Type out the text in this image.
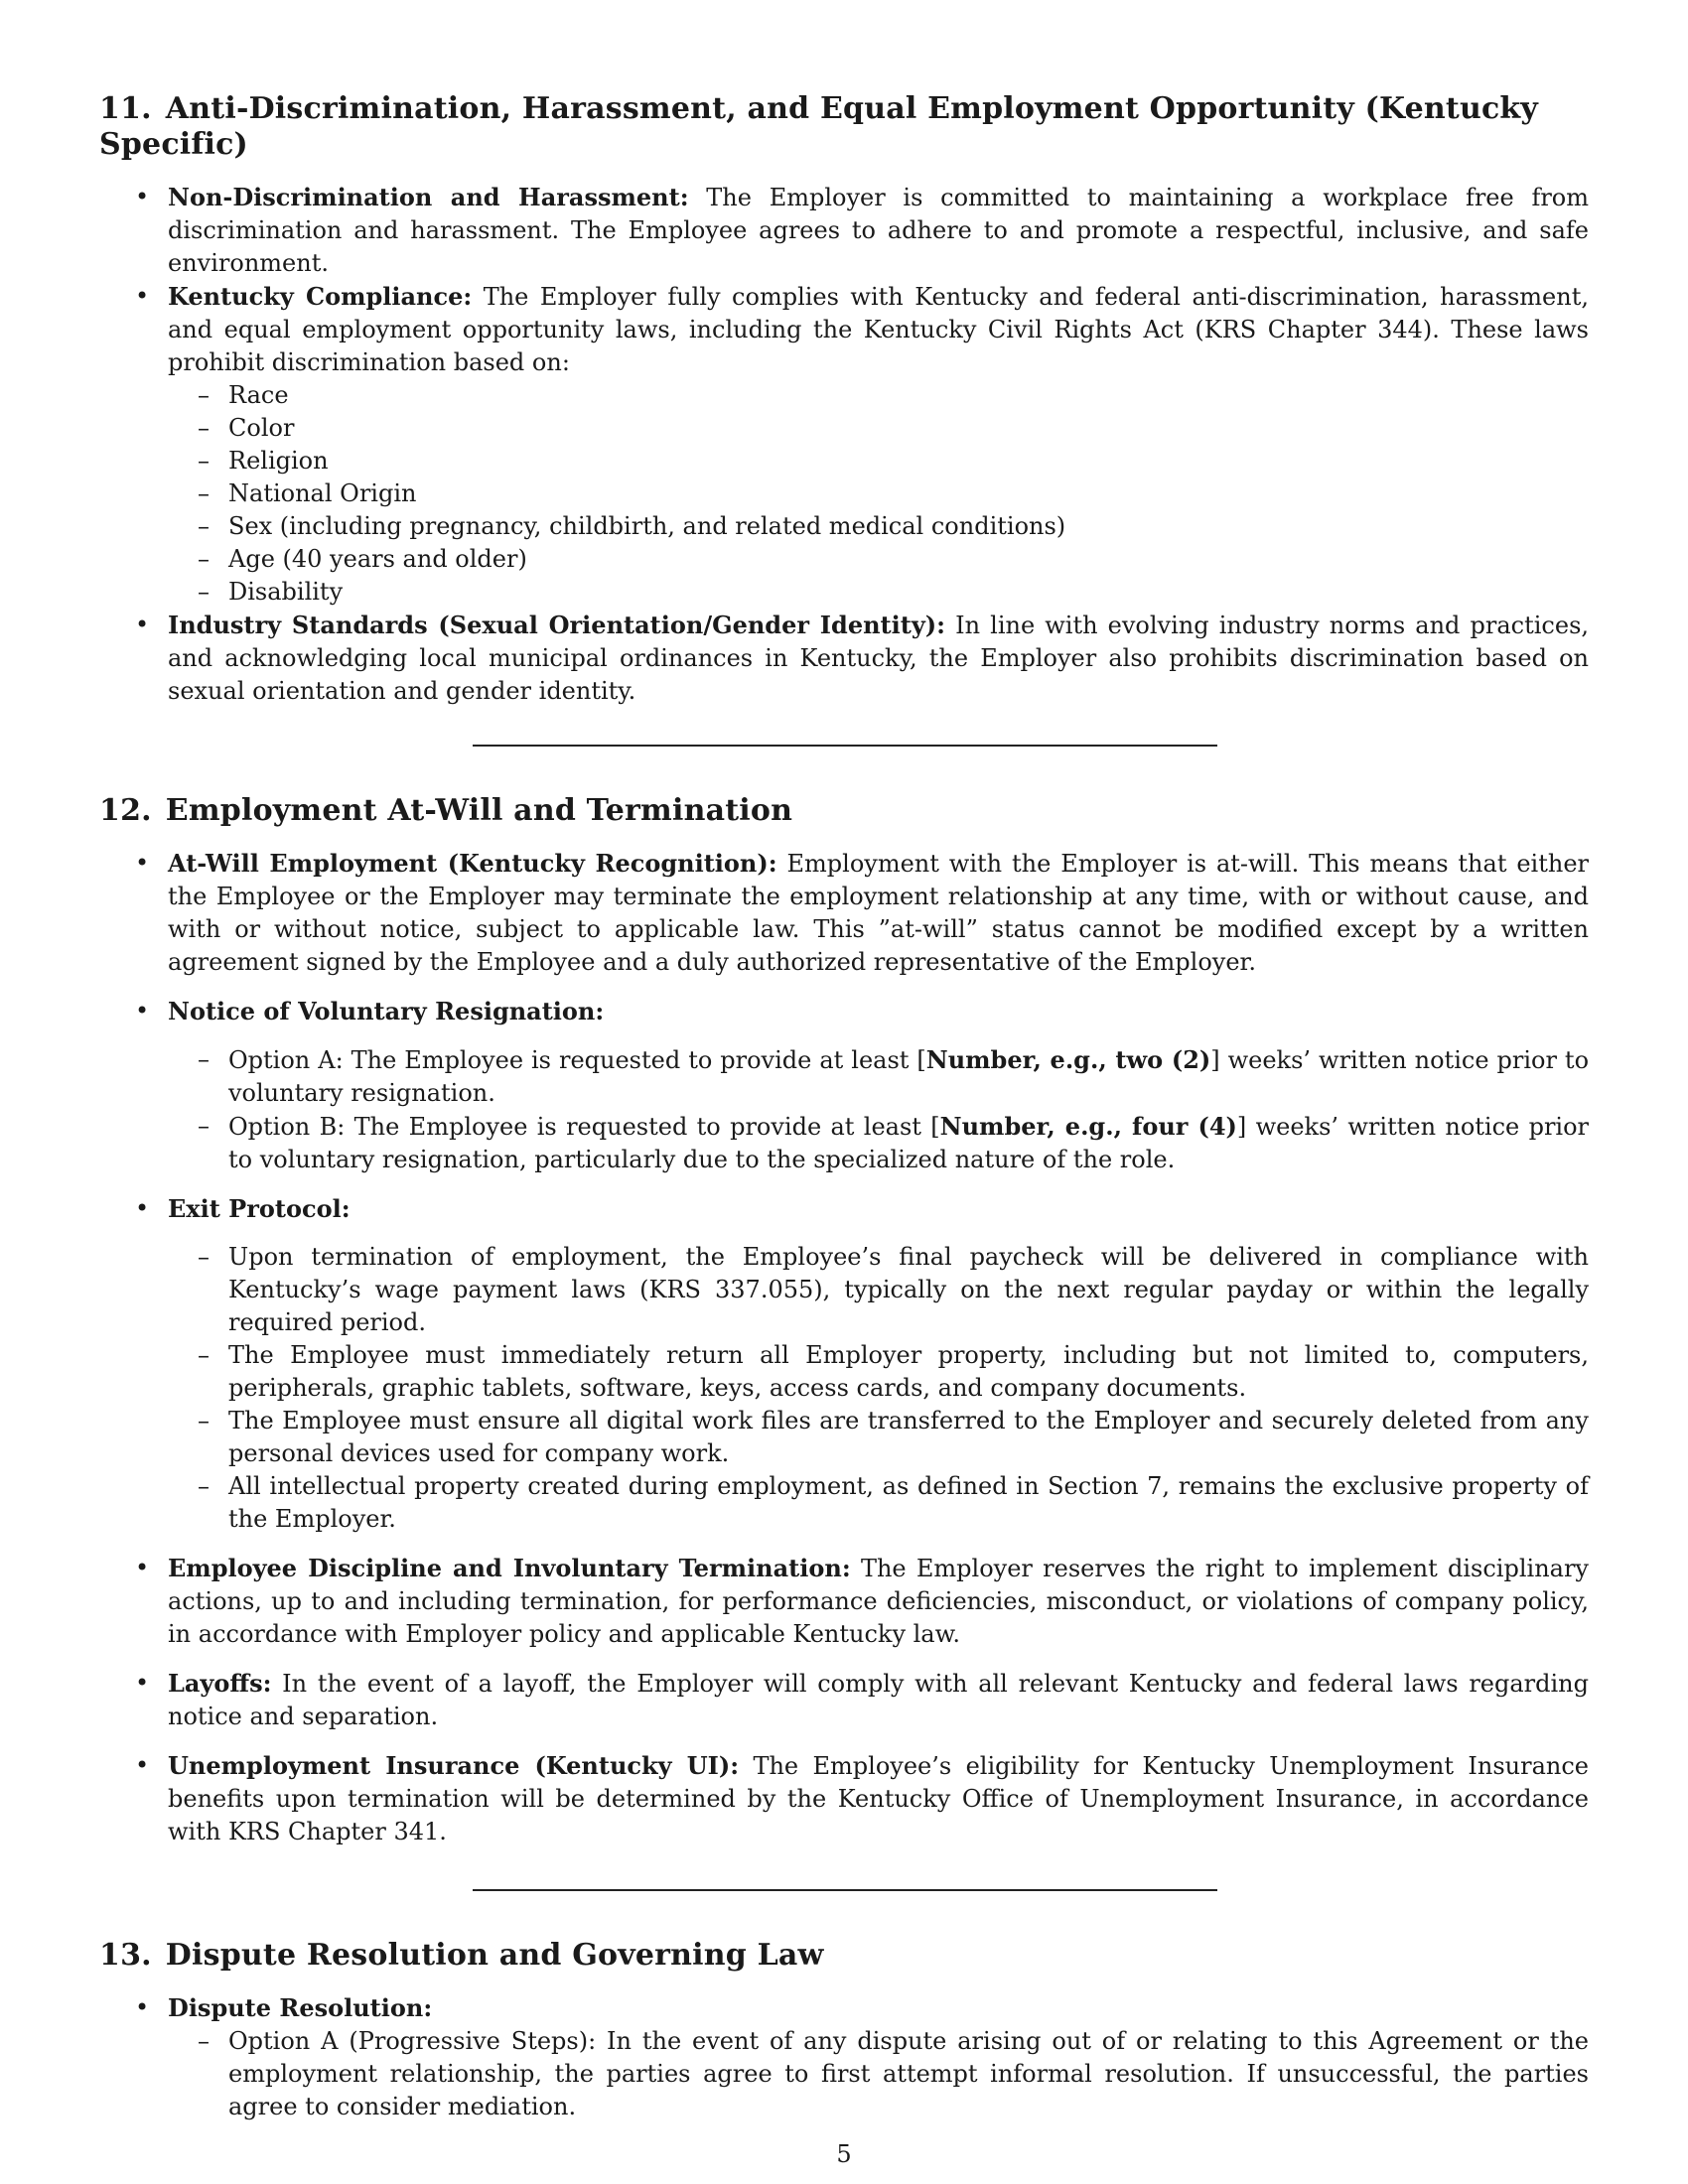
11. Anti-Discrimination, Harassment, and Equal Employment Opportunity (Kentucky Specific)
• Non-Discrimination and Harassment: The Employer is committed to maintaining a workplace free from discrimination and harassment. The Employee agrees to adhere to and promote a respectful, inclusive, and safe environment.
• Kentucky Compliance: The Employer fully complies with Kentucky and federal anti-discrimination, harassment, and equal employment opportunity laws, including the Kentucky Civil Rights Act (KRS Chapter 344). These laws prohibit discrimination based on:
– Race
– Color
– Religion
– National Origin
– Sex (including pregnancy, childbirth, and related medical conditions)
– Age (40 years and older)
– Disability
• Industry Standards (Sexual Orientation/Gender Identity): In line with evolving industry norms and practices, and acknowledging local municipal ordinances in Kentucky, the Employer also prohibits discrimination based on sexual orientation and gender identity.
12. Employment At-Will and Termination
• At-Will Employment (Kentucky Recognition): Employment with the Employer is at-will. This means that either the Employee or the Employer may terminate the employment relationship at any time, with or without cause, and with or without notice, subject to applicable law. This ”at-will” status cannot be modified except by a written agreement signed by the Employee and a duly authorized representative of the Employer.
• Notice of Voluntary Resignation:
– Option A: The Employee is requested to provide at least [Number, e.g., two (2)] weeks’ written notice prior to voluntary resignation.
– Option B: The Employee is requested to provide at least [Number, e.g., four (4)] weeks’ written notice prior to voluntary resignation, particularly due to the specialized nature of the role.
• Exit Protocol:
– Upon termination of employment, the Employee’s final paycheck will be delivered in compliance with Kentucky’s wage payment laws (KRS 337.055), typically on the next regular payday or within the legally required period.
– The Employee must immediately return all Employer property, including but not limited to, computers, peripherals, graphic tablets, software, keys, access cards, and company documents.
– The Employee must ensure all digital work files are transferred to the Employer and securely deleted from any personal devices used for company work.
– All intellectual property created during employment, as defined in Section 7, remains the exclusive property of the Employer.
• Employee Discipline and Involuntary Termination: The Employer reserves the right to implement disciplinary actions, up to and including termination, for performance deficiencies, misconduct, or violations of company policy, in accordance with Employer policy and applicable Kentucky law.
• Layoffs: In the event of a layoff, the Employer will comply with all relevant Kentucky and federal laws regarding notice and separation.
• Unemployment Insurance (Kentucky UI): The Employee’s eligibility for Kentucky Unemployment Insurance benefits upon termination will be determined by the Kentucky Office of Unemployment Insurance, in accordance with KRS Chapter 341.
13. Dispute Resolution and Governing Law
• Dispute Resolution:
– Option A (Progressive Steps): In the event of any dispute arising out of or relating to this Agreement or the employment relationship, the parties agree to first attempt informal resolution. If unsuccessful, the parties agree to consider mediation.
5
